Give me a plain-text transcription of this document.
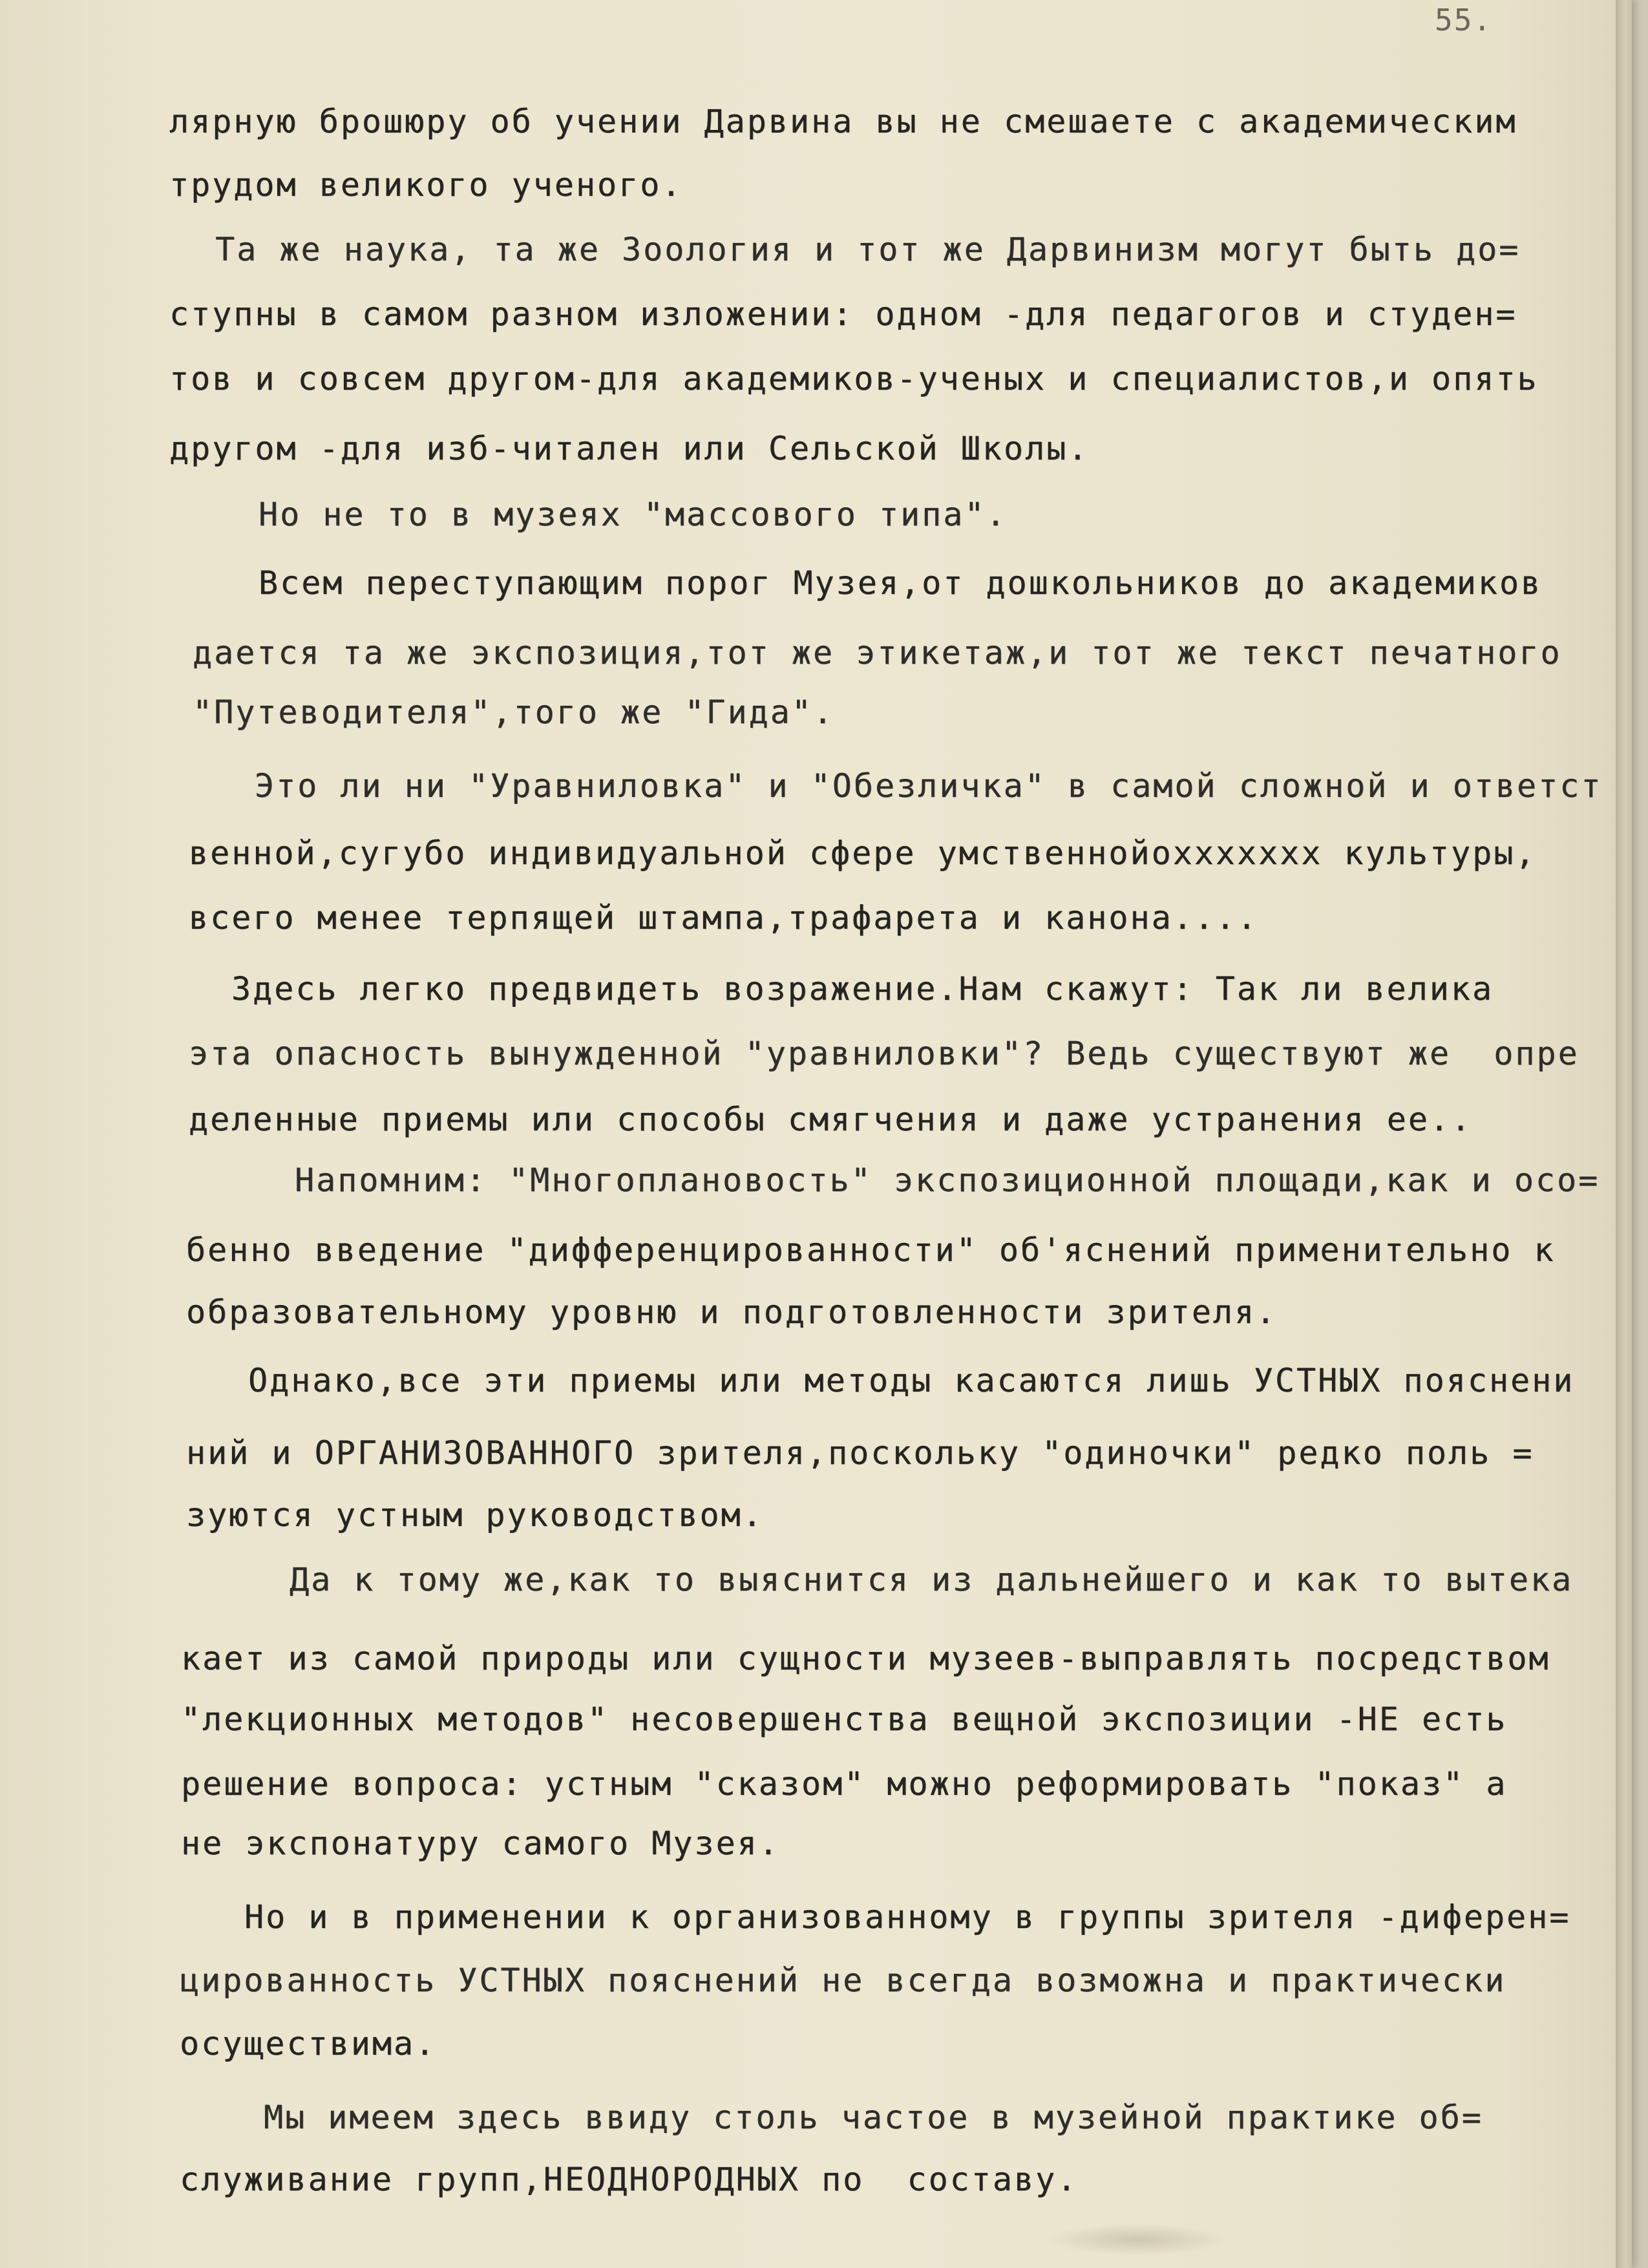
55.
лярную брошюру об учении Дарвина вы не смешаете с академическим
трудом великого ученого.
Та же наука, та же Зоология и тот же Дарвинизм могут быть до=
ступны в самом разном изложении: одном -для педагогов и студен=
тов и совсем другом-для академиков-ученых и специалистов,и опять
другом -для изб-читален или Сельской Школы.
Но не то в музеях "массового типа".
Всем переступающим порог Музея,от дошкольников до академиков
дается та же экспозиция,тот же этикетаж,и тот же текст печатного
"Путеводителя",того же "Гида".
Это ли ни "Уравниловка" и "Обезличка" в самой сложной и ответст
венной,сугубо индивидуальной сфере умственнойохxxxxxx культуры,
всего менее терпящей штампа,трафарета и канона....
Здесь легко предвидеть возражение.Нам скажут: Так ли велика
эта опасность вынужденной "уравниловки"? Ведь существуют же  опре
деленные приемы или способы смягчения и даже устранения ее..
Напомним: "Многоплановость" экспозиционной площади,как и осо=
бенно введение "дифференцированности" об'яснений применительно к
образовательному уровню и подготовленности зрителя.
Однако,все эти приемы или методы касаются лишь УСТНЫХ пояснени
ний и ОРГАНИЗОВАННОГО зрителя,поскольку "одиночки" редко поль =
зуются устным руководством.
Да к тому же,как то выяснится из дальнейшего и как то вытека
кает из самой природы или сущности музеев-выправлять посредством
"лекционных методов" несовершенства вещной экспозиции -НЕ есть
решение вопроса: устным "сказом" можно реформировать "показ" а
не экспонатуру самого Музея.
Но и в применении к организованному в группы зрителя -диферен=
цированность УСТНЫХ пояснений не всегда возможна и практически
осуществима.
Мы имеем здесь ввиду столь частое в музейной практике об=
служивание групп,НЕОДНОРОДНЫХ по  составу.
